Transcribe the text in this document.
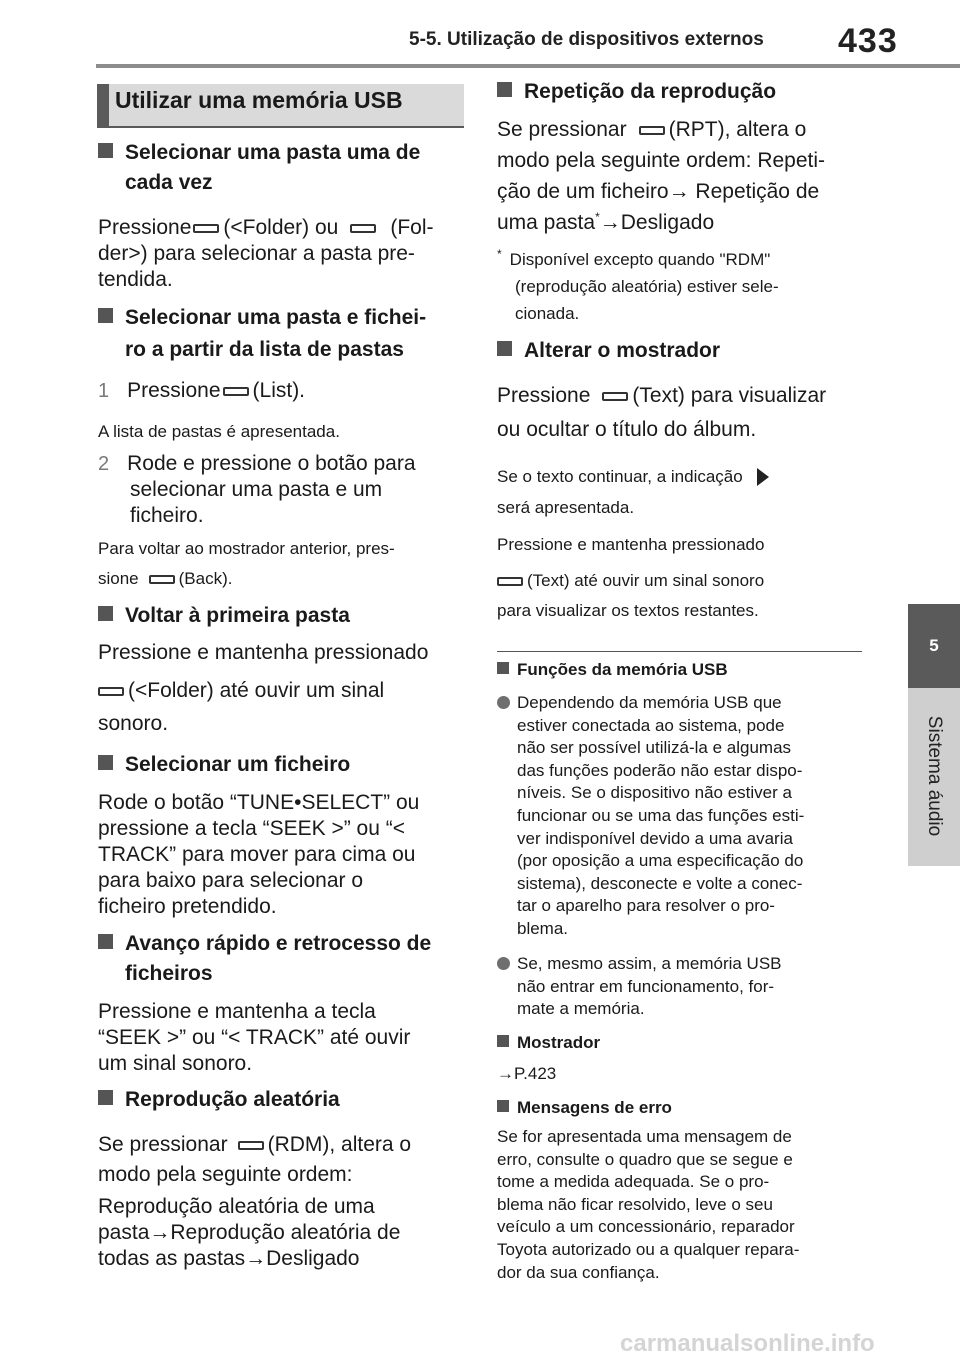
5-5. Utilização de dispositivos externos 433
5
Sistema áudio
Utilizar uma memória USB
Selecionar uma pasta uma de
cada vez
Pressione (<Folder) ou (Fol-
der>) para selecionar a pasta pre-
tendida.
Selecionar uma pasta e fichei-
ro a partir da lista de pastas
1 Pressione (List).
A lista de pastas é apresentada.
2 Rode e pressione o botão para
selecionar uma pasta e um
ficheiro.
Para voltar ao mostrador anterior, pres-
sione (Back).
Voltar à primeira pasta
Pressione e mantenha pressionado
(<Folder) até ouvir um sinal
sonoro.
Selecionar um ficheiro
Rode o botão “TUNE•SELECT” ou
pressione a tecla “SEEK >” ou “<
TRACK” para mover para cima ou
para baixo para selecionar o
ficheiro pretendido.
Avanço rápido e retrocesso de
ficheiros
Pressione e mantenha a tecla
“SEEK >” ou “< TRACK” até ouvir
um sinal sonoro.
Reprodução aleatória
Se pressionar (RDM), altera o
modo pela seguinte ordem:
Reprodução aleatória de uma
pasta→Reprodução aleatória de
todas as pastas→Desligado
Repetição da reprodução
Se pressionar (RPT), altera o
modo pela seguinte ordem: Repeti-
ção de um ficheiro→ Repetição de
uma pasta*→Desligado
* Disponível excepto quando "RDM"
(reprodução aleatória) estiver sele-
cionada.
Alterar o mostrador
Pressione (Text) para visualizar
ou ocultar o título do álbum.
Se o texto continuar, a indicação
será apresentada.
Pressione e mantenha pressionado
(Text) até ouvir um sinal sonoro
para visualizar os textos restantes.
Funções da memória USB
Dependendo da memória USB que
estiver conectada ao sistema, pode
não ser possível utilizá-la e algumas
das funções poderão não estar dispo-
níveis. Se o dispositivo não estiver a
funcionar ou se uma das funções esti-
ver indisponível devido a uma avaria
(por oposição a uma especificação do
sistema), desconecte e volte a conec-
tar o aparelho para resolver o pro-
blema.
Se, mesmo assim, a memória USB
não entrar em funcionamento, for-
mate a memória.
Mostrador
→P.423
Mensagens de erro
Se for apresentada uma mensagem de
erro, consulte o quadro que se segue e
tome a medida adequada. Se o pro-
blema não ficar resolvido, leve o seu
veículo a um concessionário, reparador
Toyota autorizado ou a qualquer repara-
dor da sua confiança.
carmanualsonline.info
